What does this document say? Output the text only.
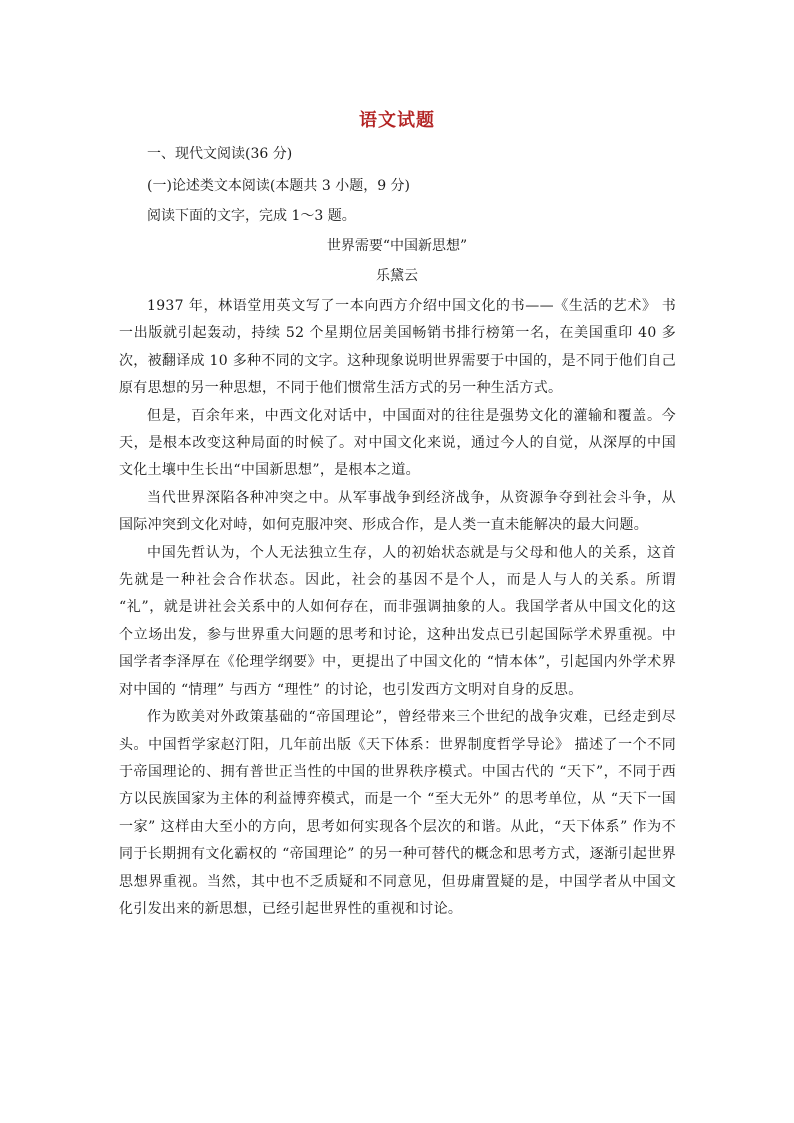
语文试题
一、现代文阅读(36 分)
(一)论述类文本阅读(本题共 3 小题，9 分)
阅读下面的文字，完成 1～3 题。
世界需要“中国新思想”
乐黛云

1937 年，林语堂用英文写了一本向西方介绍中国文化的书——《生活的艺术》 书一出版就引起轰动，持续 52 个星期位居美国畅销书排行榜第一名，在美国重印 40 多次，被翻译成 10 多种不同的文字。这种现象说明世界需要于中国的，是不同于他们自己原有思想的另一种思想，不同于他们惯常生活方式的另一种生活方式。

但是，百余年来，中西文化对话中，中国面对的往往是强势文化的灌输和覆盖。今天，是根本改变这种局面的时候了。对中国文化来说，通过今人的自觉，从深厚的中国文化土壤中生长出“中国新思想”，是根本之道。

当代世界深陷各种冲突之中。从军事战争到经济战争，从资源争夺到社会斗争，从国际冲突到文化对峙，如何克服冲突、形成合作，是人类一直未能解决的最大问题。

中国先哲认为，个人无法独立生存，人的初始状态就是与父母和他人的关系，这首先就是一种社会合作状态。因此，社会的基因不是个人，而是人与人的关系。所谓 “礼”，就是讲社会关系中的人如何存在，而非强调抽象的人。我国学者从中国文化的这个立场出发，参与世界重大问题的思考和讨论，这种出发点已引起国际学术界重视。中国学者李泽厚在《伦理学纲要》中，更提出了中国文化的 “情本体”，引起国内外学术界对中国的 “情理” 与西方 “理性” 的讨论，也引发西方文明对自身的反思。

作为欧美对外政策基础的“帝国理论”，曾经带来三个世纪的战争灾难，已经走到尽头。中国哲学家赵汀阳，几年前出版《天下体系：世界制度哲学导论》 描述了一个不同于帝国理论的、拥有普世正当性的中国的世界秩序模式。中国古代的 “天下”，不同于西方以民族国家为主体的利益博弈模式，而是一个 “至大无外” 的思考单位，从 “天下一国一家” 这样由大至小的方向，思考如何实现各个层次的和谐。从此，“天下体系” 作为不同于长期拥有文化霸权的 “帝国理论” 的另一种可替代的概念和思考方式，逐渐引起世界思想界重视。当然，其中也不乏质疑和不同意见，但毋庸置疑的是，中国学者从中国文化引发出来的新思想，已经引起世界性的重视和讨论。
